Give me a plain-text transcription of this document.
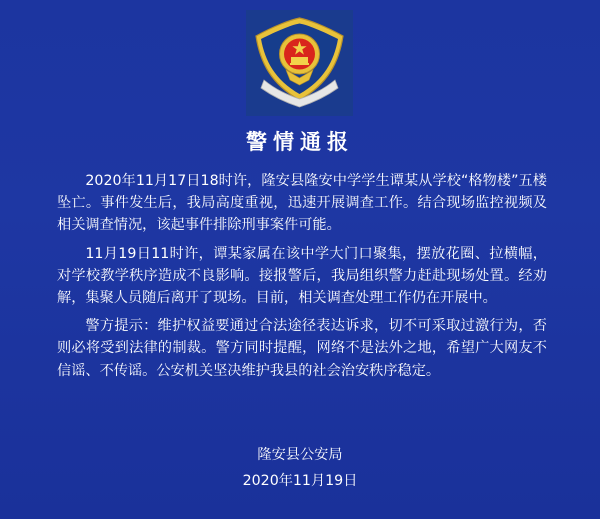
警情通报

2020年11月17日18时许，隆安县隆安中学学生谭某从学校“格物楼”五楼坠亡。事件发生后，我局高度重视，迅速开展调查工作。结合现场监控视频及相关调查情况，该起事件排除刑事案件可能。

11月19日11时许，谭某家属在该中学大门口聚集，摆放花圈、拉横幅，对学校教学秩序造成不良影响。接报警后，我局组织警力赶赴现场处置。经劝解，集聚人员随后离开了现场。目前，相关调查处理工作仍在开展中。

警方提示：维护权益要通过合法途径表达诉求，切不可采取过激行为，否则必将受到法律的制裁。警方同时提醒，网络不是法外之地，希望广大网友不信谣、不传谣。公安机关坚决维护我县的社会治安秩序稳定。

隆安县公安局
2020年11月19日
